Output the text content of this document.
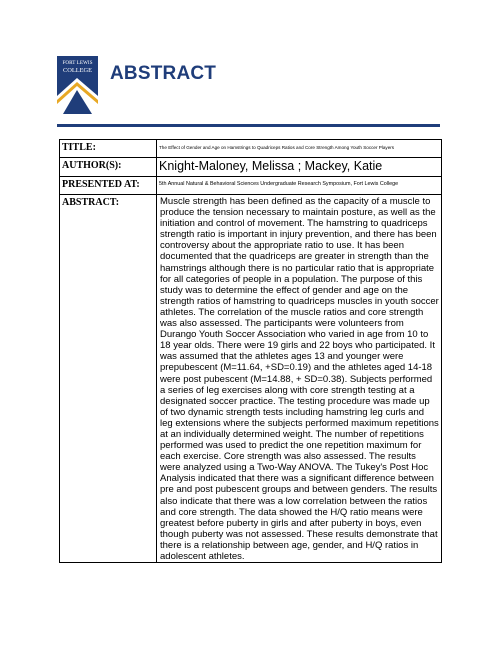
FORT LEWIS
COLLEGE ABSTRACT
TITLE:	The Effect of Gender and Age on Hamstrings to Quadriceps Ratios and Core Strength Among Youth Soccer Players
AUTHOR(S):	Knight-Maloney, Melissa ; Mackey, Katie
PRESENTED AT:	5th Annual Natural & Behavioral Sciences Undergraduate Research Symposium, Fort Lewis College
ABSTRACT:	Muscle strength has been defined as the capacity of a muscle to produce the tension necessary to maintain posture, as well as the initiation and control of movement. The hamstring to quadriceps strength ratio is important in injury prevention, and there has been controversy about the appropriate ratio to use. It has been documented that the quadriceps are greater in strength than the hamstrings although there is no particular ratio that is appropriate for all categories of people in a population. The purpose of this study was to determine the effect of gender and age on the strength ratios of hamstring to quadriceps muscles in youth soccer athletes. The correlation of the muscle ratios and core strength was also assessed. The participants were volunteers from Durango Youth Soccer Association who varied in age from 10 to 18 year olds. There were 19 girls and 22 boys who participated. It was assumed that the athletes ages 13 and younger were prepubescent (M=11.64, +SD=0.19) and the athletes aged 14-18 were post pubescent (M=14.88, + SD=0.38). Subjects performed a series of leg exercises along with core strength testing at a designated soccer practice. The testing procedure was made up of two dynamic strength tests including hamstring leg curls and leg extensions where the subjects performed maximum repetitions at an individually determined weight. The number of repetitions performed was used to predict the one repetition maximum for each exercise. Core strength was also assessed. The results were analyzed using a Two-Way ANOVA. The Tukey's Post Hoc Analysis indicated that there was a significant difference between pre and post pubescent groups and between genders. The results also indicate that there was a low correlation between the ratios and core strength. The data showed the H/Q ratio means were greatest before puberty in girls and after puberty in boys, even though puberty was not assessed. These results demonstrate that there is a relationship between age, gender, and H/Q ratios in adolescent athletes.
